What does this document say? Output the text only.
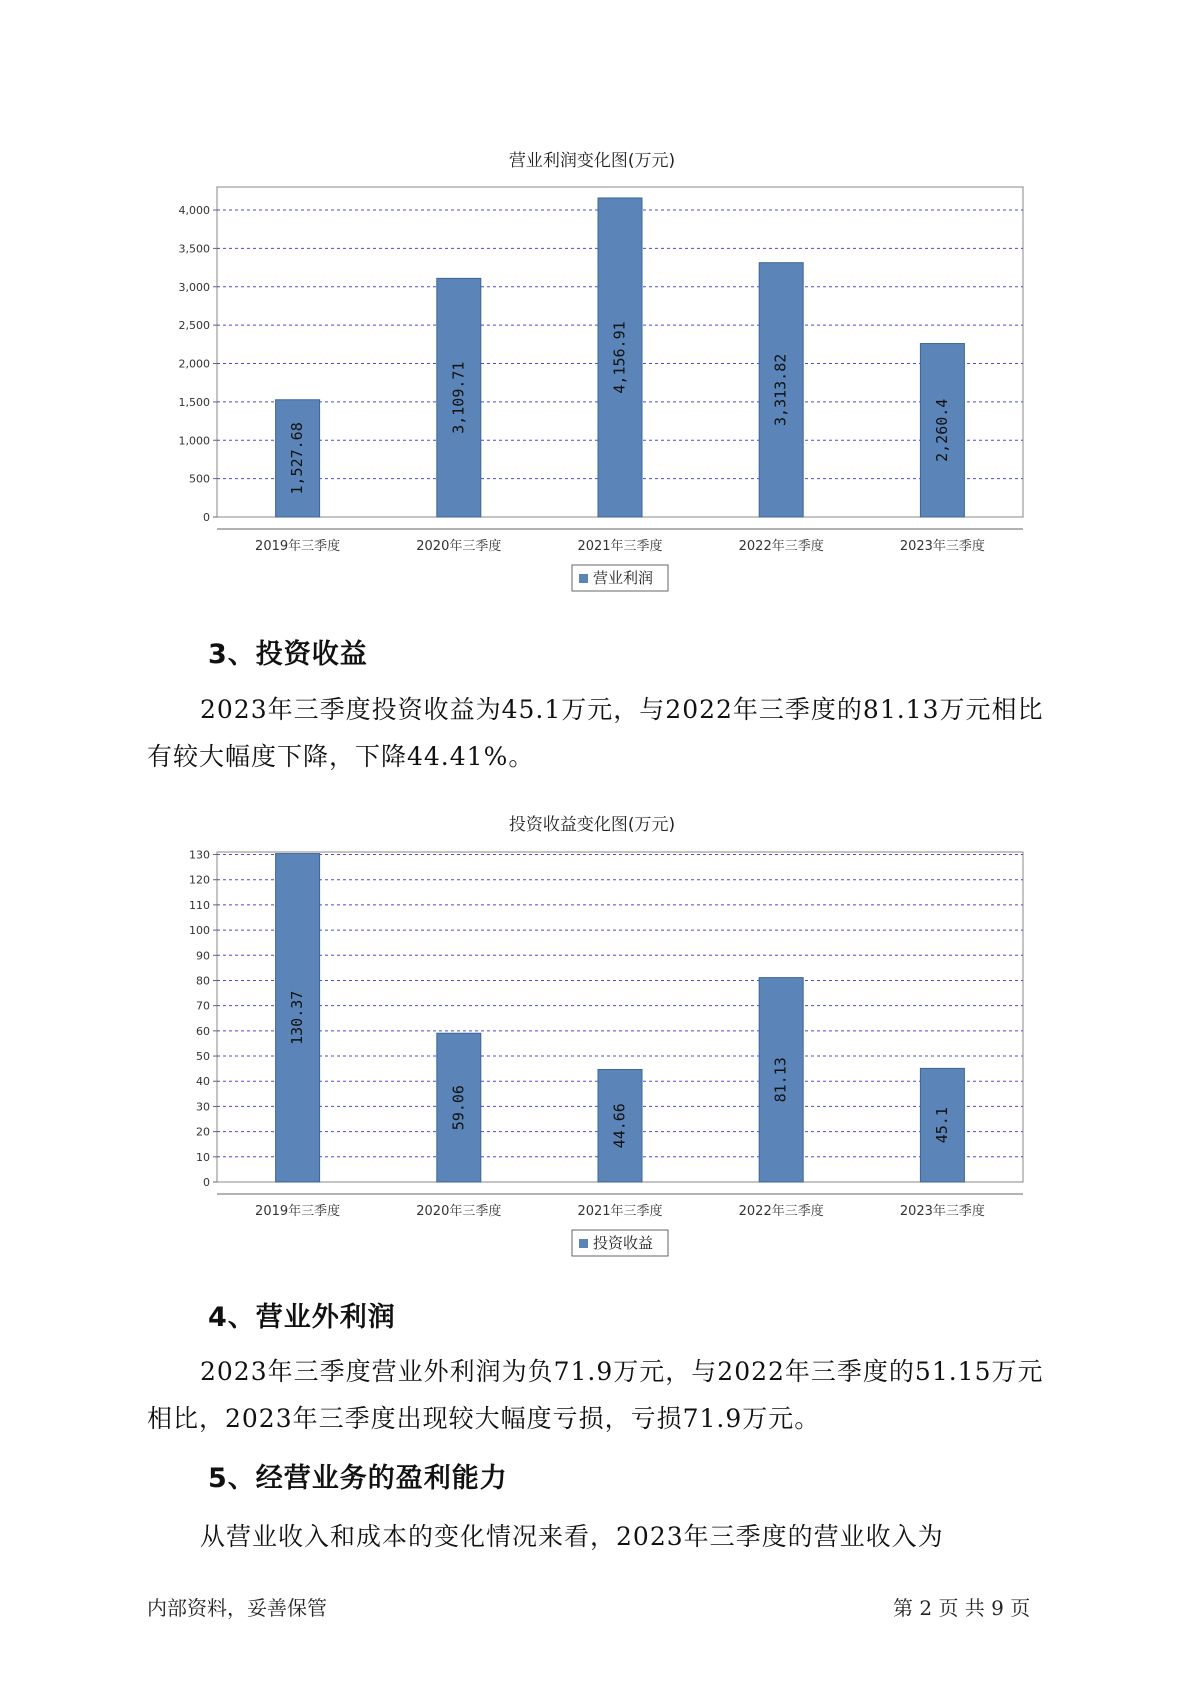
营业利润变化图(万元)
0
500
1,000
1,500
2,000
2,500
3,000
3,500
4,000
1,527.68
2019年三季度
3,109.71
2020年三季度
4,156.91
2021年三季度
3,313.82
2022年三季度
2,260.4
2023年三季度
营业利润
3、投资收益
2023年三季度投资收益为45.1万元，与2022年三季度的81.13万元相比
有较大幅度下降，下降44.41%。
投资收益变化图(万元)
0
10
20
30
40
50
60
70
80
90
100
110
120
130
130.37
2019年三季度
59.06
2020年三季度
44.66
2021年三季度
81.13
2022年三季度
45.1
2023年三季度
投资收益
4、营业外利润
2023年三季度营业外利润为负71.9万元，与2022年三季度的51.15万元
相比，2023年三季度出现较大幅度亏损，亏损71.9万元。
5、经营业务的盈利能力
从营业收入和成本的变化情况来看，2023年三季度的营业收入为
内部资料，妥善保管	第 2 页 共 9 页
